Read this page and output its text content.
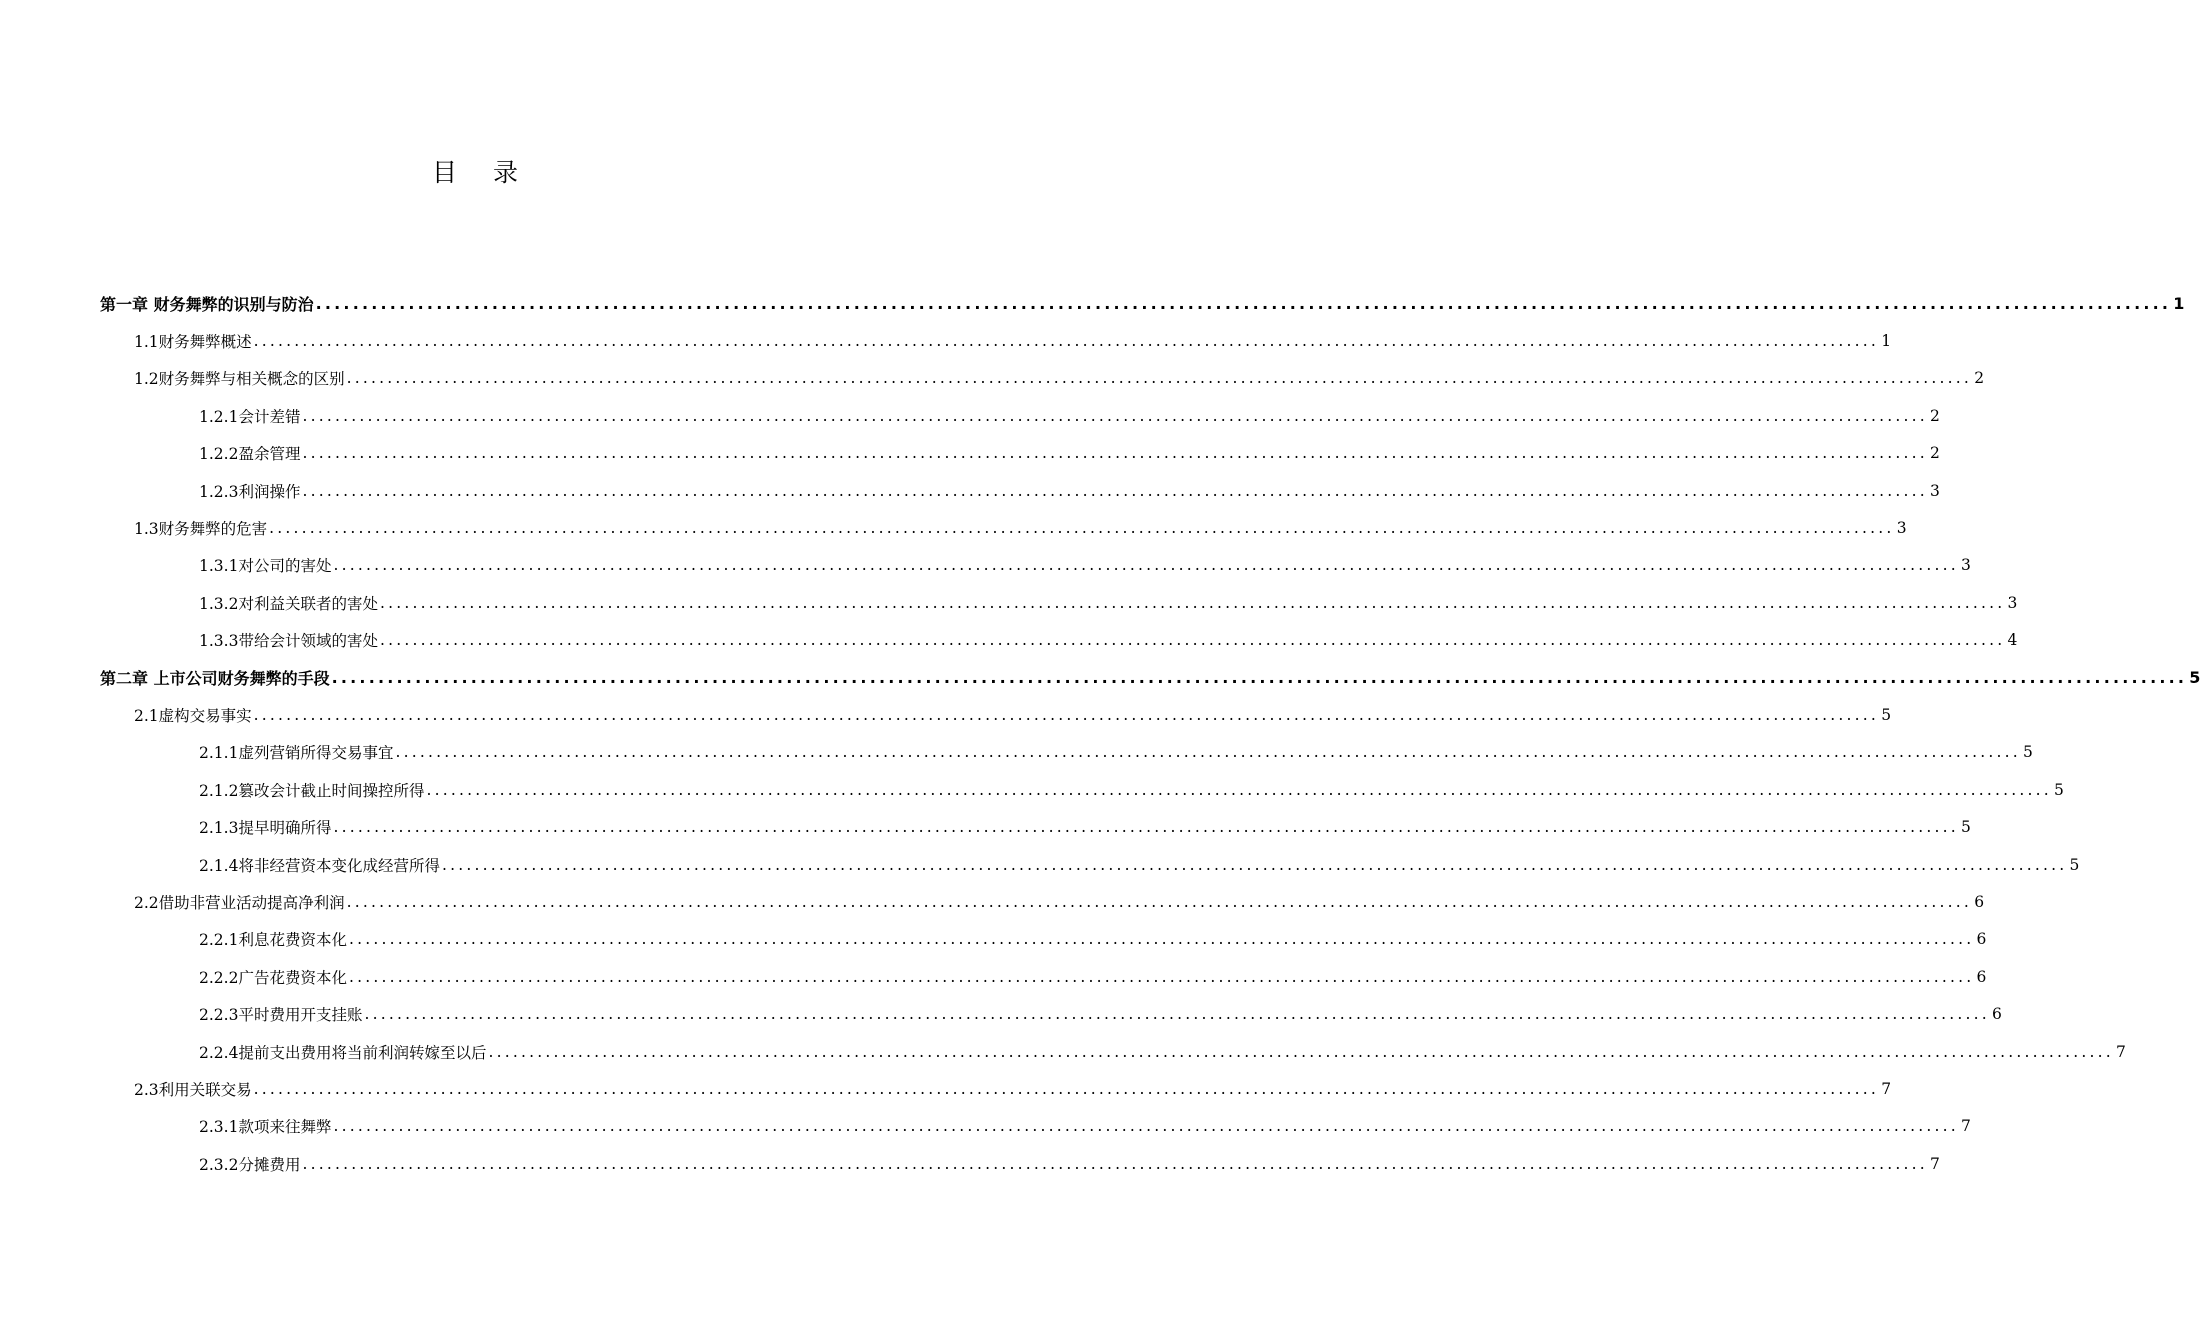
目 录
第一章 财务舞弊的识别与防治 ........................................................................................................................................................................................................ 1
1.1财务舞弊概述 ........................................................................................................................................................................................................ 1
1.2财务舞弊与相关概念的区别 ........................................................................................................................................................................................................ 2
1.2.1会计差错 ........................................................................................................................................................................................................ 2
1.2.2盈余管理 ........................................................................................................................................................................................................ 2
1.2.3利润操作 ........................................................................................................................................................................................................ 3
1.3财务舞弊的危害 ........................................................................................................................................................................................................ 3
1.3.1对公司的害处 ........................................................................................................................................................................................................ 3
1.3.2对利益关联者的害处 ........................................................................................................................................................................................................ 3
1.3.3带给会计领域的害处 ........................................................................................................................................................................................................ 4
第二章 上市公司财务舞弊的手段 ........................................................................................................................................................................................................ 5
2.1虚构交易事实 ........................................................................................................................................................................................................ 5
2.1.1虚列营销所得交易事宜 ........................................................................................................................................................................................................ 5
2.1.2篡改会计截止时间操控所得 ........................................................................................................................................................................................................ 5
2.1.3提早明确所得 ........................................................................................................................................................................................................ 5
2.1.4将非经营资本变化成经营所得 ........................................................................................................................................................................................................ 5
2.2借助非营业活动提高净利润 ........................................................................................................................................................................................................ 6
2.2.1利息花费资本化 ........................................................................................................................................................................................................ 6
2.2.2广告花费资本化 ........................................................................................................................................................................................................ 6
2.2.3平时费用开支挂账 ........................................................................................................................................................................................................ 6
2.2.4提前支出费用将当前利润转嫁至以后 ........................................................................................................................................................................................................ 7
2.3利用关联交易 ........................................................................................................................................................................................................ 7
2.3.1款项来往舞弊 ........................................................................................................................................................................................................ 7
2.3.2分摊费用 ........................................................................................................................................................................................................ 7
